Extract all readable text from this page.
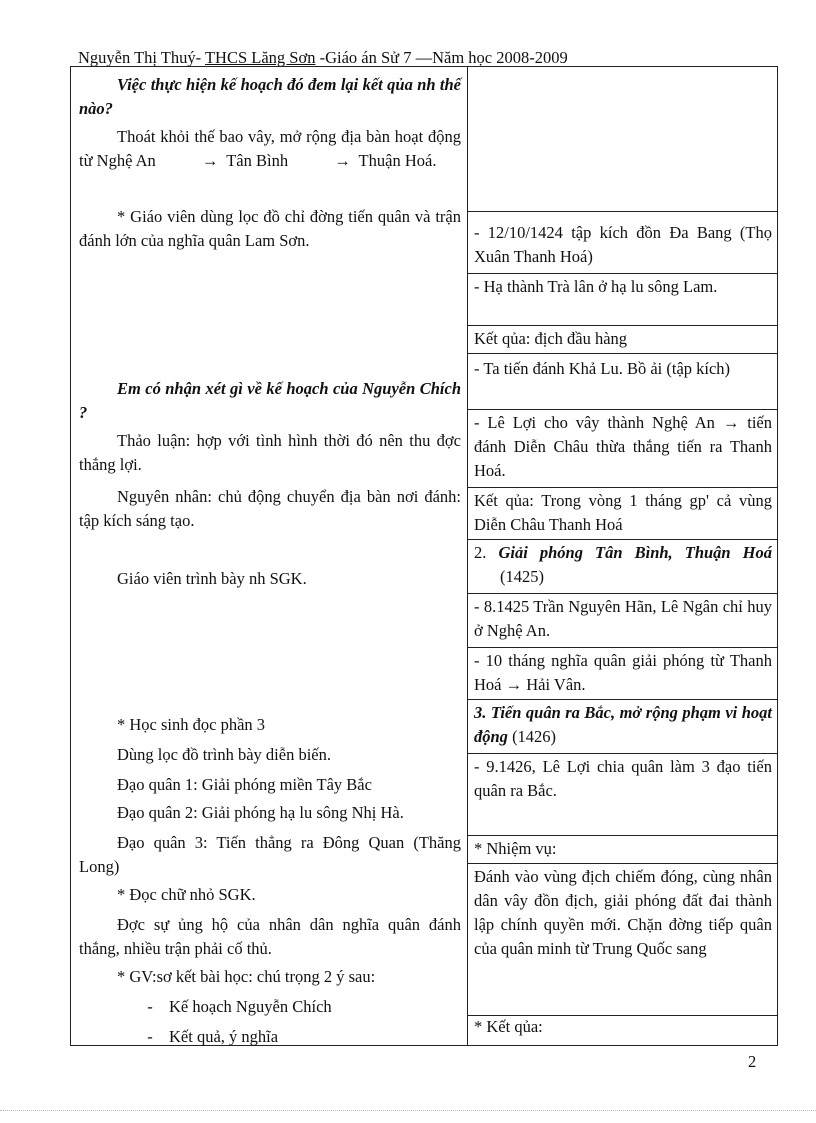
Nguyễn Thị Thuý- THCS Lăng Sơn -Giáo án Sử 7 —Năm học 2008-2009
Việc thực hiện kế hoạch đó đem lại kết qủa nh thế nào?
Thoát khỏi thế bao vây, mở rộng địa bàn hoạt động từ Nghệ An	→ Tân Bình	→ Thuận Hoá.
* Giáo viên dùng lọc đồ chỉ đờng tiến quân và trận đánh lớn của nghĩa quân Lam Sơn.
Em có nhận xét gì về kế hoạch của Nguyễn Chích ?
Thảo luận: hợp với tình hình thời đó nên thu đợc thắng lợi.
Nguyên nhân: chủ động chuyển địa bàn nơi đánh: tập kích sáng tạo.
Giáo viên trình bày nh SGK.
* Học sinh đọc phần 3
Dùng lọc đồ trình bày diễn biến.
Đạo quân 1: Giải phóng miền Tây Bắc
Đạo quân 2: Giải phóng hạ lu sông Nhị Hà.
Đạo quân 3: Tiến thẳng ra Đông Quan (Thăng Long)
* Đọc chữ nhỏ SGK.
Đợc sự ủng hộ của nhân dân nghĩa quân đánh thắng, nhiều trận phải cố thủ.
* GV:sơ kết bài học: chú trọng 2 ý sau:
- Kế hoạch Nguyễn Chích
- Kết quả, ý nghĩa
- 12/10/1424 tập kích đồn Đa Bang (Thọ Xuân Thanh Hoá)
- Hạ thành Trà lân ở hạ lu sông Lam.
Kết qủa: địch đầu hàng
- Ta tiến đánh Khả Lu. Bồ ải (tập kích)
- Lê Lợi cho vây thành Nghệ An → tiến đánh Diễn Châu thừa thắng tiến ra Thanh Hoá.
Kết qủa: Trong vòng 1 tháng gp' cả vùng Diễn Châu Thanh Hoá
2. Giải phóng Tân Bình, Thuận Hoá (1425)
- 8.1425 Trần Nguyên Hãn, Lê Ngân chỉ huy ở Nghệ An.
- 10 tháng nghĩa quân giải phóng từ Thanh Hoá → Hải Vân.
3. Tiến quân ra Bắc, mở rộng phạm vi hoạt động (1426)
- 9.1426, Lê Lợi chia quân làm 3 đạo tiến quân ra Bắc.
* Nhiệm vụ:
Đánh vào vùng địch chiếm đóng, cùng nhân dân vây đồn địch, giải phóng đất đai thành lập chính quyền mới. Chặn đờng tiếp quân của quân minh từ Trung Quốc sang
* Kết qủa:
2
